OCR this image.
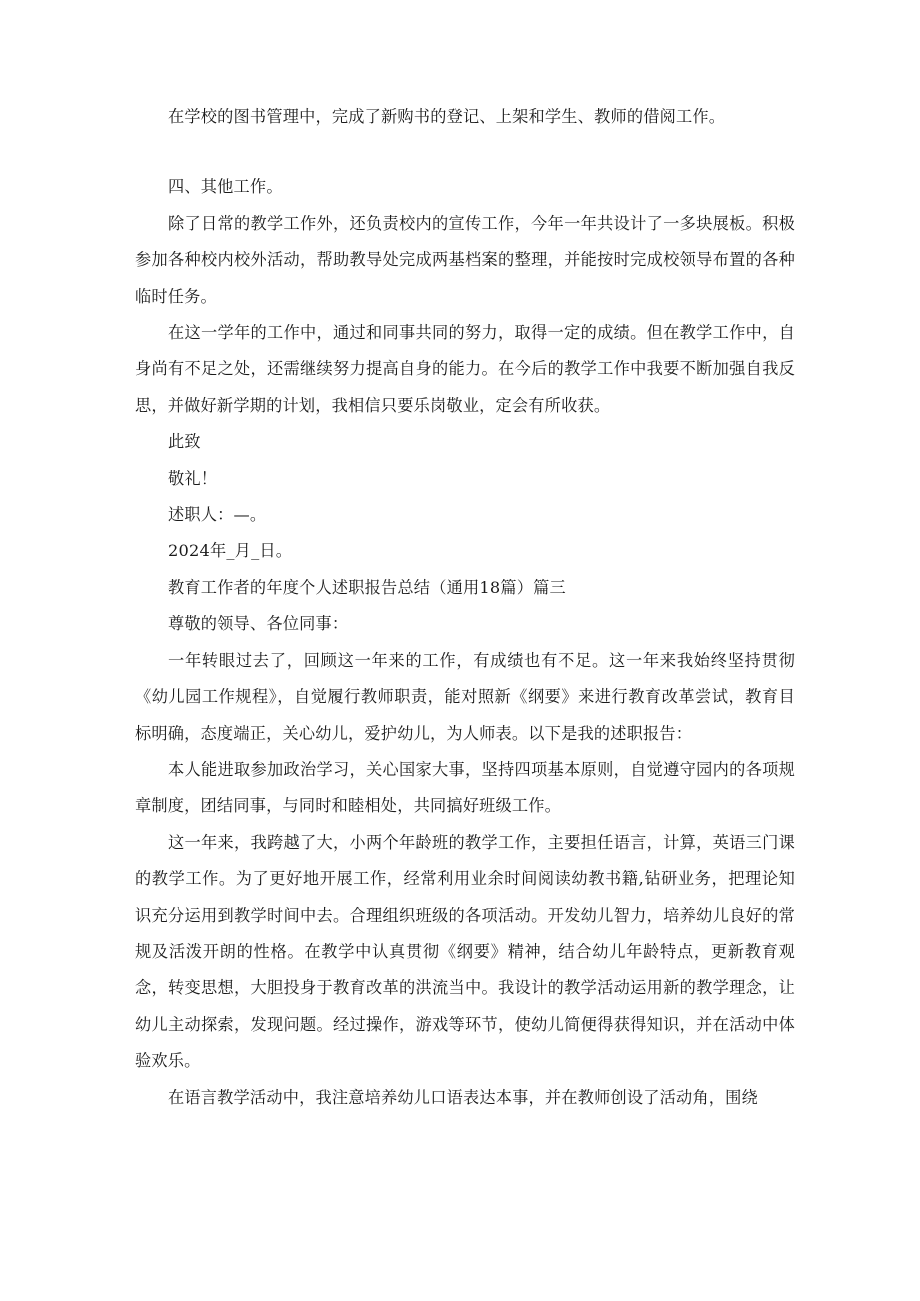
在学校的图书管理中，完成了新购书的登记、上架和学生、教师的借阅工作。

四、其他工作。

除了日常的教学工作外，还负责校内的宣传工作，今年一年共设计了一多块展板。积极参加各种校内校外活动，帮助教导处完成两基档案的整理，并能按时完成校领导布置的各种临时任务。

在这一学年的工作中，通过和同事共同的努力，取得一定的成绩。但在教学工作中，自身尚有不足之处，还需继续努力提高自身的能力。在今后的教学工作中我要不断加强自我反思，并做好新学期的计划，我相信只要乐岗敬业，定会有所收获。

此致

敬礼！

述职人：—。

2024年_月_日。

教育工作者的年度个人述职报告总结（通用18篇）篇三

尊敬的领导、各位同事：

一年转眼过去了，回顾这一年来的工作，有成绩也有不足。这一年来我始终坚持贯彻《幼儿园工作规程》，自觉履行教师职责，能对照新《纲要》来进行教育改革尝试，教育目标明确，态度端正，关心幼儿，爱护幼儿，为人师表。以下是我的述职报告：

本人能进取参加政治学习，关心国家大事，坚持四项基本原则，自觉遵守园内的各项规章制度，团结同事，与同时和睦相处，共同搞好班级工作。

这一年来，我跨越了大，小两个年龄班的教学工作，主要担任语言，计算，英语三门课的教学工作。为了更好地开展工作，经常利用业余时间阅读幼教书籍,钻研业务，把理论知识充分运用到教学时间中去。合理组织班级的各项活动。开发幼儿智力，培养幼儿良好的常规及活泼开朗的性格。在教学中认真贯彻《纲要》精神，结合幼儿年龄特点，更新教育观念，转变思想，大胆投身于教育改革的洪流当中。我设计的教学活动运用新的教学理念，让幼儿主动探索，发现问题。经过操作，游戏等环节，使幼儿简便得获得知识，并在活动中体验欢乐。

在语言教学活动中，我注意培养幼儿口语表达本事，并在教师创设了活动角，围绕
